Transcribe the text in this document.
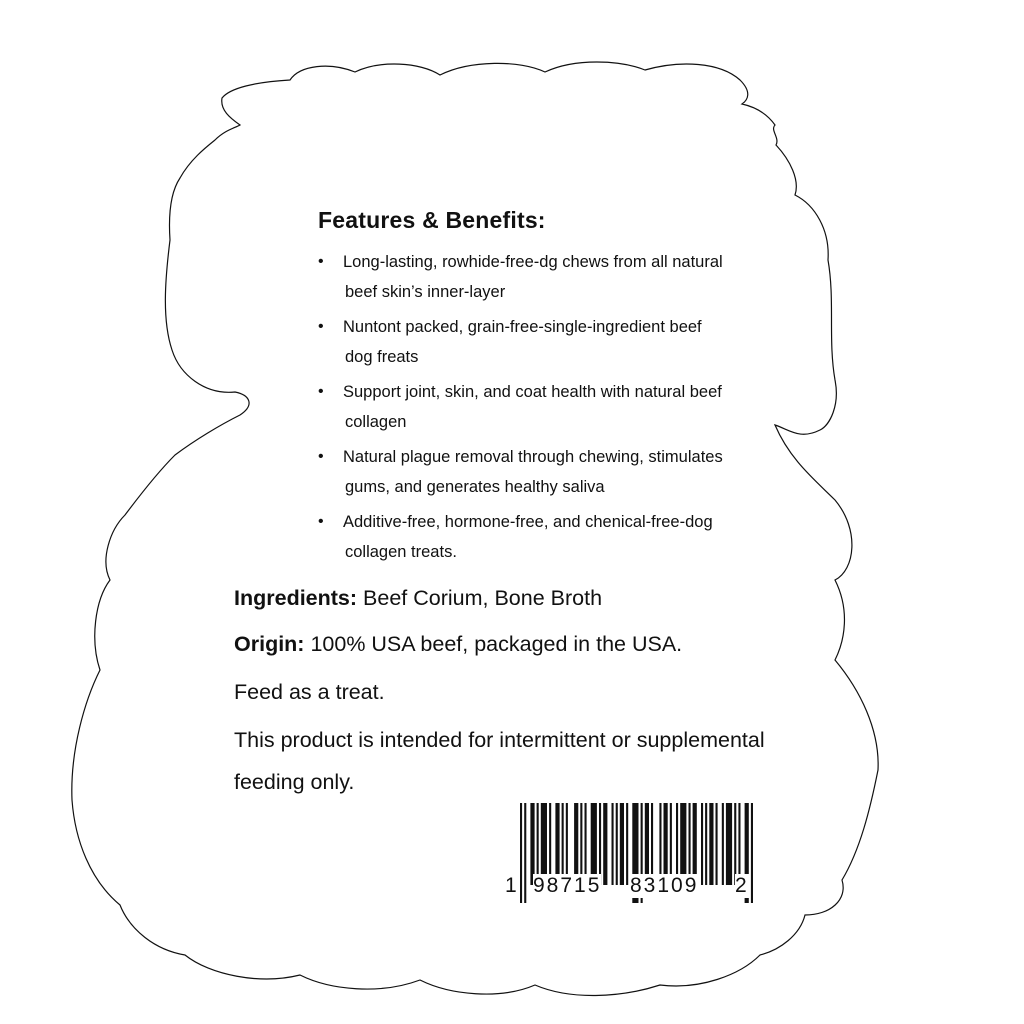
Features & Benefits:
• Long-lasting, rowhide-free-dg chews from all natural
beef skin’s inner-layer
• Nuntont packed, grain-free-single-ingredient beef
dog freats
• Support joint, skin, and coat health with natural beef
collagen
• Natural plague removal through chewing, stimulates
gums, and generates healthy saliva
• Additive-free, hormone-free, and chenical-free-dog
collagen treats.

Ingredients: Beef Corium, Bone Broth

Origin: 100% USA beef, packaged in the USA.

Feed as a treat.

This product is intended for intermittent or supplemental

feeding only.

1 98715 83109 2
